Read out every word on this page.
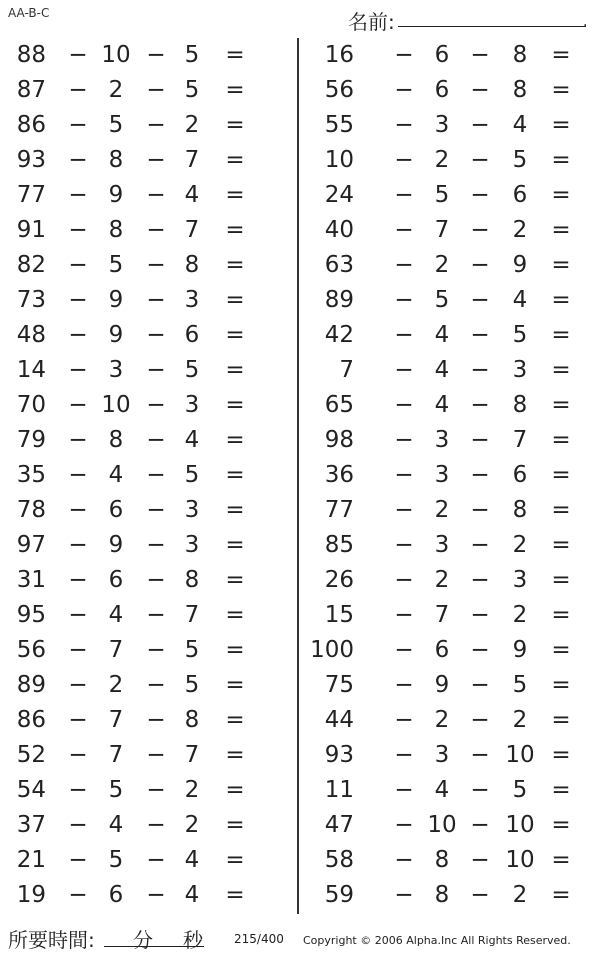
AA-B-C	名前:	.
88 − 10 − 5	=
87 − 2	− 5	=
86 − 5	− 2	=
93 − 8	− 7	=
77 − 9	− 4	=
91 − 8	− 7	=
82 − 5	− 8	=
73 − 9	− 3	=
48 − 9	− 6	=
14 − 3	− 5	=
70 − 10 − 3	=
79 − 8	− 4	=
35 − 4	− 5	=
78 − 6	− 3	=
97 − 9	− 3	=
31 − 6	− 8	=
95 − 4	− 7	=
56 − 7	− 5	=
89 − 2	− 5	=
86 − 7	− 8	=
52 − 7	− 7	=
54 − 5	− 2	=
37 − 4	− 2	=
21 − 5	− 4	=
19 − 6	− 4	=
16 − 6 −	8	=
56 − 6 −	8	=
55 − 3 −	4	=
10 − 2 −	5	=
24 − 5 −	6	=
40 − 7 −	2	=
63 − 2 −	9	=
89 − 5 −	4	=
42 − 4 −	5	=
7 − 4 −	3	=
65 − 4 −	8	=
98 − 3 −	7	=
36 − 3 −	6	=
77 − 2 −	8	=
85 − 3 −	2	=
26 − 2 −	3	=
15 − 7 −	2	=
100 − 6 −	9	=
75 − 9 −	5	=
44 − 2 −	2	=
93 − 3 − 10 =
11 − 4 −	5	=
47 − 10 − 10 =
58 − 8 − 10 =
59 − 8 −	2	=
所要時間: 分 秒	215/400 Copyright © 2006 Alpha.Inc All Rights Reserved.
